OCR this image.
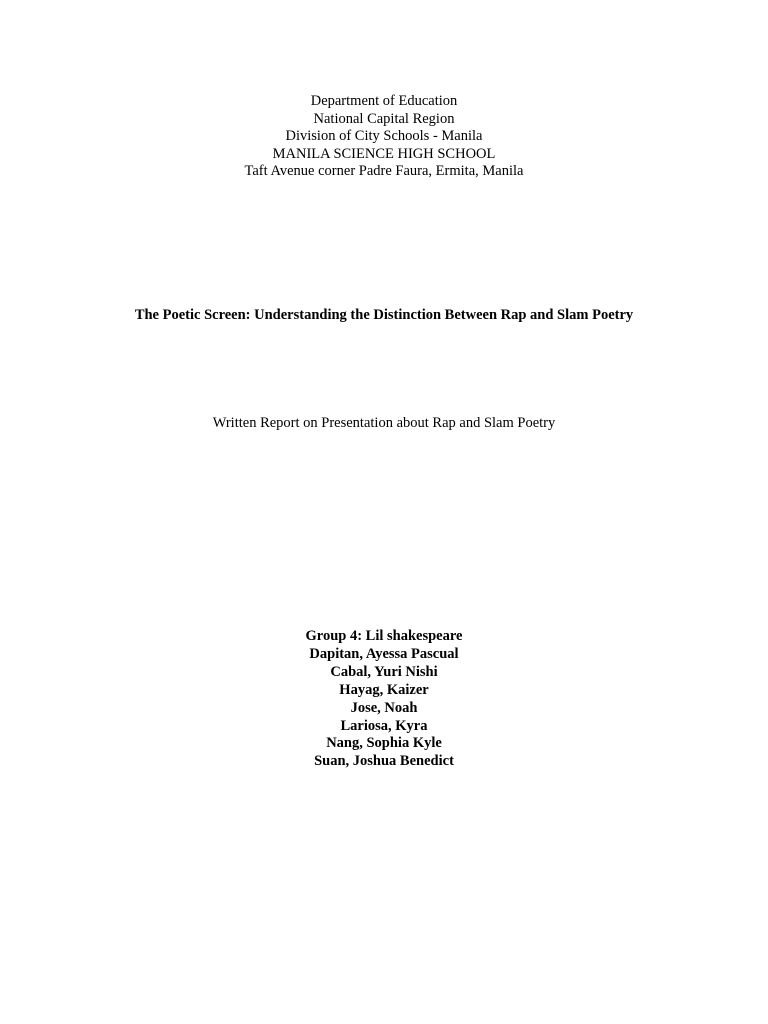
Department of Education
National Capital Region
Division of City Schools - Manila
MANILA SCIENCE HIGH SCHOOL
Taft Avenue corner Padre Faura, Ermita, Manila
The Poetic Screen: Understanding the Distinction Between Rap and Slam Poetry
Written Report on Presentation about Rap and Slam Poetry
Group 4: Lil shakespeare
Dapitan, Ayessa Pascual
Cabal, Yuri Nishi
Hayag, Kaizer
Jose, Noah
Lariosa, Kyra
Nang, Sophia Kyle
Suan, Joshua Benedict
